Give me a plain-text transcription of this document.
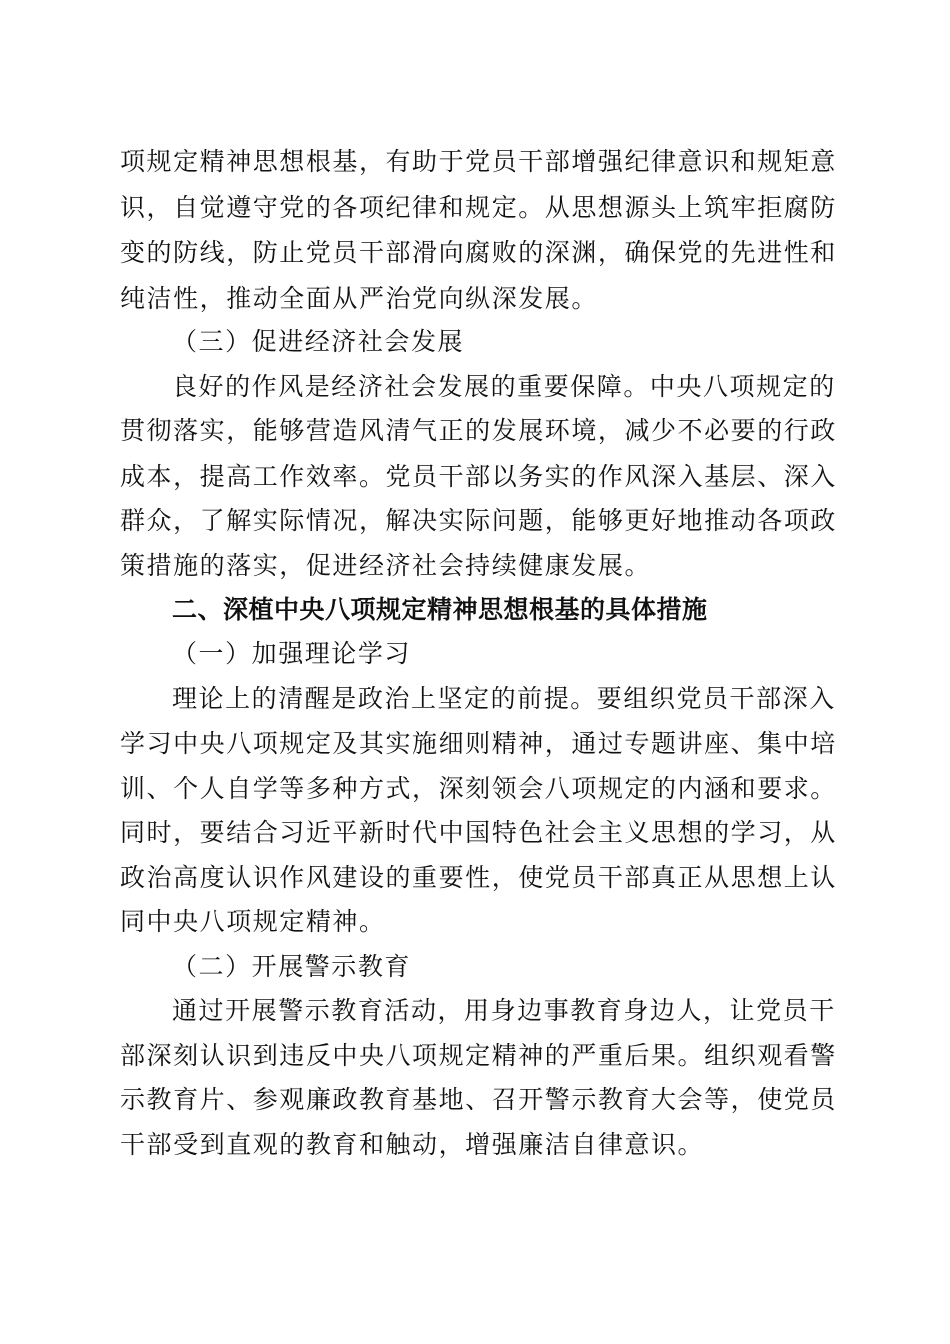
项规定精神思想根基，有助于党员干部增强纪律意识和规矩意
识，自觉遵守党的各项纪律和规定。从思想源头上筑牢拒腐防
变的防线，防止党员干部滑向腐败的深渊，确保党的先进性和
纯洁性，推动全面从严治党向纵深发展。
（三）促进经济社会发展
良好的作风是经济社会发展的重要保障。中央八项规定的
贯彻落实，能够营造风清气正的发展环境，减少不必要的行政
成本，提高工作效率。党员干部以务实的作风深入基层、深入
群众，了解实际情况，解决实际问题，能够更好地推动各项政
策措施的落实，促进经济社会持续健康发展。
二、深植中央八项规定精神思想根基的具体措施
（一）加强理论学习
理论上的清醒是政治上坚定的前提。要组织党员干部深入
学习中央八项规定及其实施细则精神，通过专题讲座、集中培
训、个人自学等多种方式，深刻领会八项规定的内涵和要求。
同时，要结合习近平新时代中国特色社会主义思想的学习，从
政治高度认识作风建设的重要性，使党员干部真正从思想上认
同中央八项规定精神。
（二）开展警示教育
通过开展警示教育活动，用身边事教育身边人，让党员干
部深刻认识到违反中央八项规定精神的严重后果。组织观看警
示教育片、参观廉政教育基地、召开警示教育大会等，使党员
干部受到直观的教育和触动，增强廉洁自律意识。
